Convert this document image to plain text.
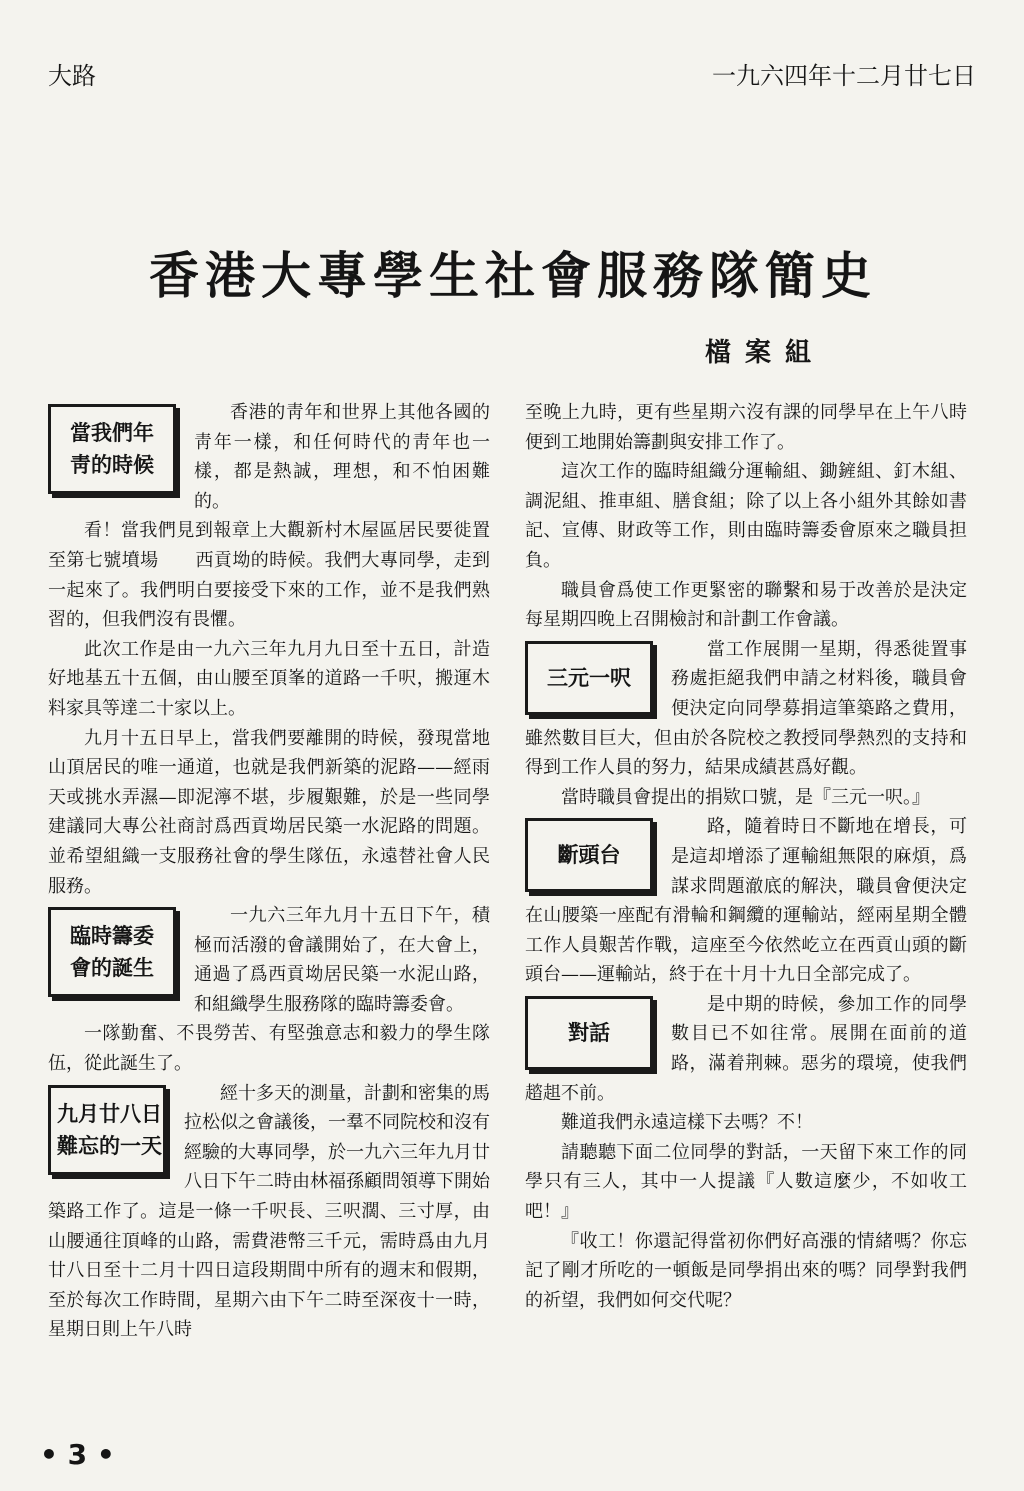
大路	一九六四年十二月廿七日
香港大專學生社會服務隊簡史
檔案組
當我們年
靑的時候

香港的靑年和世界上其他各國的靑年一樣，和任何時代的靑年也一樣，都是熱誠，理想，和不怕困難的。

看！當我們見到報章上大觀新村木屋區居民要徙置至第七號墳場　　西貢坳的時候。我們大專同學，走到一起來了。我們明白要接受下來的工作，並不是我們熟習的，但我們沒有畏懼。

此次工作是由一九六三年九月九日至十五日，計造好地基五十五個，由山腰至頂峯的道路一千呎，搬運木料家具等達二十家以上。

九月十五日早上，當我們要離開的時候，發現當地山頂居民的唯一通道，也就是我們新築的泥路——經雨天或挑水弄濕—即泥濘不堪，步履艱難，於是一些同學建議同大專公社商討爲西貢坳居民築一水泥路的問題。並希望組織一支服務社會的學生隊伍，永遠替社會人民服務。

臨時籌委
會的誕生

一九六三年九月十五日下午，積極而活潑的會議開始了，在大會上，通過了爲西貢坳居民築一水泥山路，和組織學生服務隊的臨時籌委會。

一隊勤奮、不畏勞苦、有堅強意志和毅力的學生隊伍，從此誕生了。

九月廿八日
難忘的一天

經十多天的測量，計劃和密集的馬拉松似之會議後，一羣不同院校和沒有經驗的大專同學，於一九六三年九月廿八日下午二時由林福孫顧問領導下開始築路工作了。這是一條一千呎長、三呎濶、三寸厚，由山腰通往頂峰的山路，需費港幣三千元，需時爲由九月廿八日至十二月十四日這段期間中所有的週末和假期，至於每次工作時間，星期六由下午二時至深夜十一時，星期日則上午八時

至晚上九時，更有些星期六沒有課的同學早在上午八時便到工地開始籌劃與安排工作了。

這次工作的臨時組織分運輸組、鋤鏟組、釘木組、調泥組、推車組、膳食組；除了以上各小組外其餘如書記、宣傳、財政等工作，則由臨時籌委會原來之職員担負。

職員會爲使工作更緊密的聯繫和易于改善於是決定每星期四晚上召開檢討和計劃工作會議。

三元一呎

當工作展開一星期，得悉徙置事務處拒絕我們申請之材料後，職員會便決定向同學募捐這筆築路之費用，雖然數目巨大，但由於各院校之教授同學熱烈的支持和得到工作人員的努力，結果成績甚爲好觀。

當時職員會提出的捐欵口號，是『三元一呎。』

斷頭台

路，隨着時日不斷地在增長，可是這却增添了運輸組無限的麻煩，爲謀求問題澈底的解決，職員會便決定在山腰築一座配有滑輪和鋼纜的運輸站，經兩星期全體工作人員艱苦作戰，這座至今依然屹立在西貢山頭的斷頭台——運輸站，終于在十月十九日全部完成了。

對話

是中期的時候，參加工作的同學數目已不如往常。展開在面前的道路，滿着荆棘。惡劣的環境，使我們趦趄不前。

難道我們永遠這樣下去嗎？不！

請聽聽下面二位同學的對話，一天留下來工作的同學只有三人，其中一人提議『人數這麼少，不如收工吧！』

『收工！你還記得當初你們好高漲的情緒嗎？你忘記了剛才所吃的一頓飯是同學捐出來的嗎？同學對我們的祈望，我們如何交代呢？

• 3 •
